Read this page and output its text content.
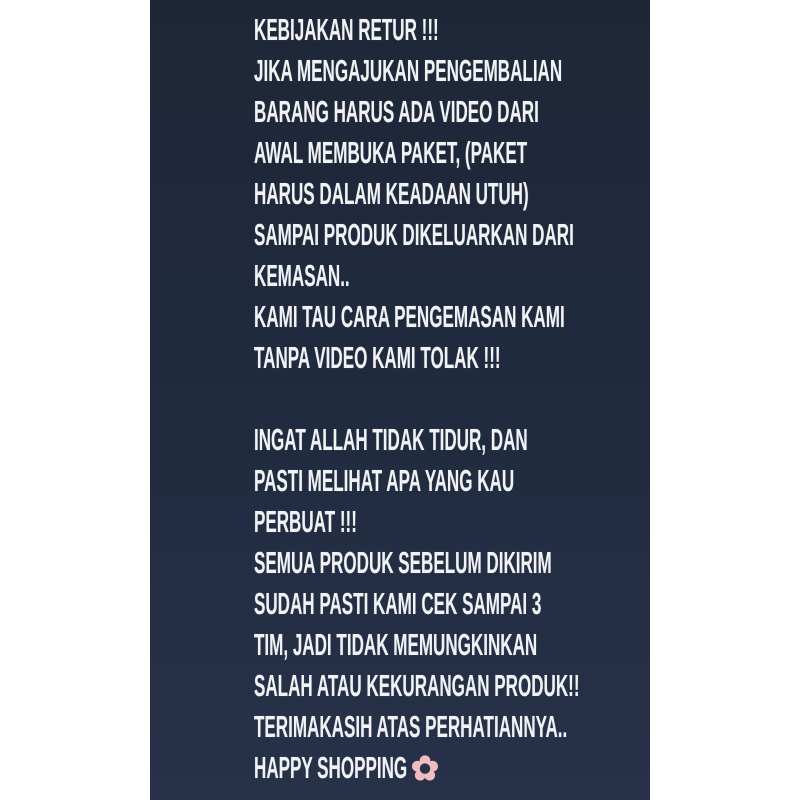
KEBIJAKAN RETUR !!!
JIKA MENGAJUKAN PENGEMBALIAN
BARANG HARUS ADA VIDEO DARI
AWAL MEMBUKA PAKET, (PAKET
HARUS DALAM KEADAAN UTUH)
SAMPAI PRODUK DIKELUARKAN DARI
KEMASAN..
KAMI TAU CARA PENGEMASAN KAMI
TANPA VIDEO KAMI TOLAK !!!
INGAT ALLAH TIDAK TIDUR, DAN
PASTI MELIHAT APA YANG KAU
PERBUAT !!!
SEMUA PRODUK SEBELUM DIKIRIM
SUDAH PASTI KAMI CEK SAMPAI 3
TIM, JADI TIDAK MEMUNGKINKAN
SALAH ATAU KEKURANGAN PRODUK!!
TERIMAKASIH ATAS PERHATIANNYA..
HAPPY SHOPPING✿
